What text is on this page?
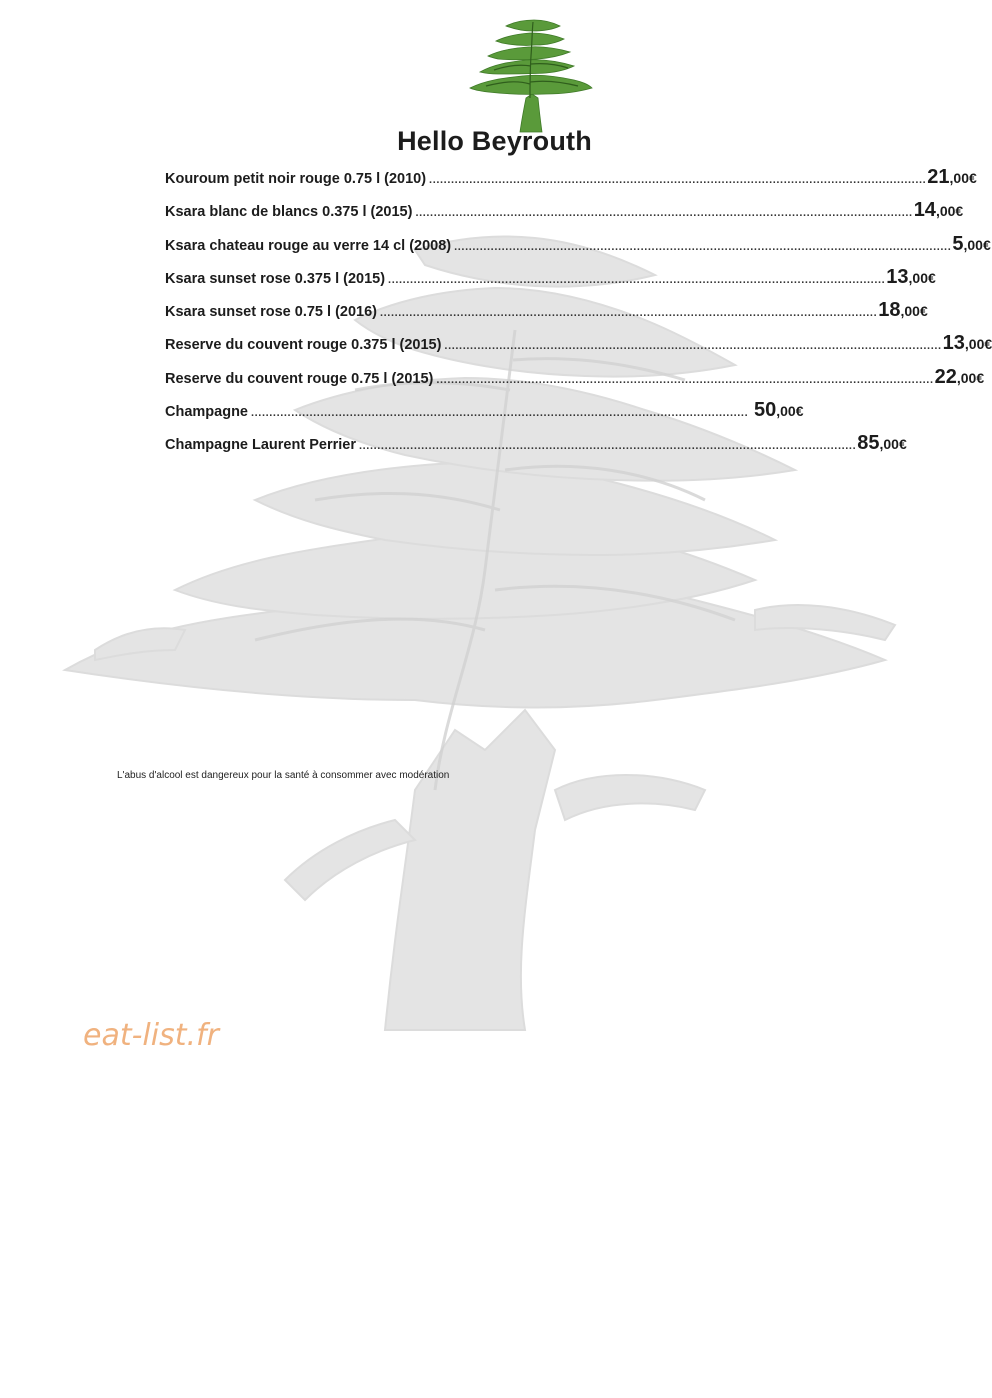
Hello Beyrouth
Kouroum petit noir rouge 0.75 l (2010) ........................................................................................................................................ 21,00€
Ksara blanc de blancs 0.375 l (2015) ........................................................................................................................................ 14,00€
Ksara chateau rouge au verre 14 cl (2008) ........................................................................................................................................ 5,00€
Ksara sunset rose 0.375 l (2015) ........................................................................................................................................ 13,00€
Ksara sunset rose 0.75 l (2016) ........................................................................................................................................ 18,00€
Reserve du couvent rouge 0.375 l (2015) ........................................................................................................................................ 13,00€
Reserve du couvent rouge 0.75 l (2015) ........................................................................................................................................ 22,00€
Champagne ........................................................................................................................................ 50,00€
Champagne Laurent Perrier ........................................................................................................................................ 85,00€
L'abus d'alcool est dangereux pour la santé à consommer avec modération
eat-list.fr
